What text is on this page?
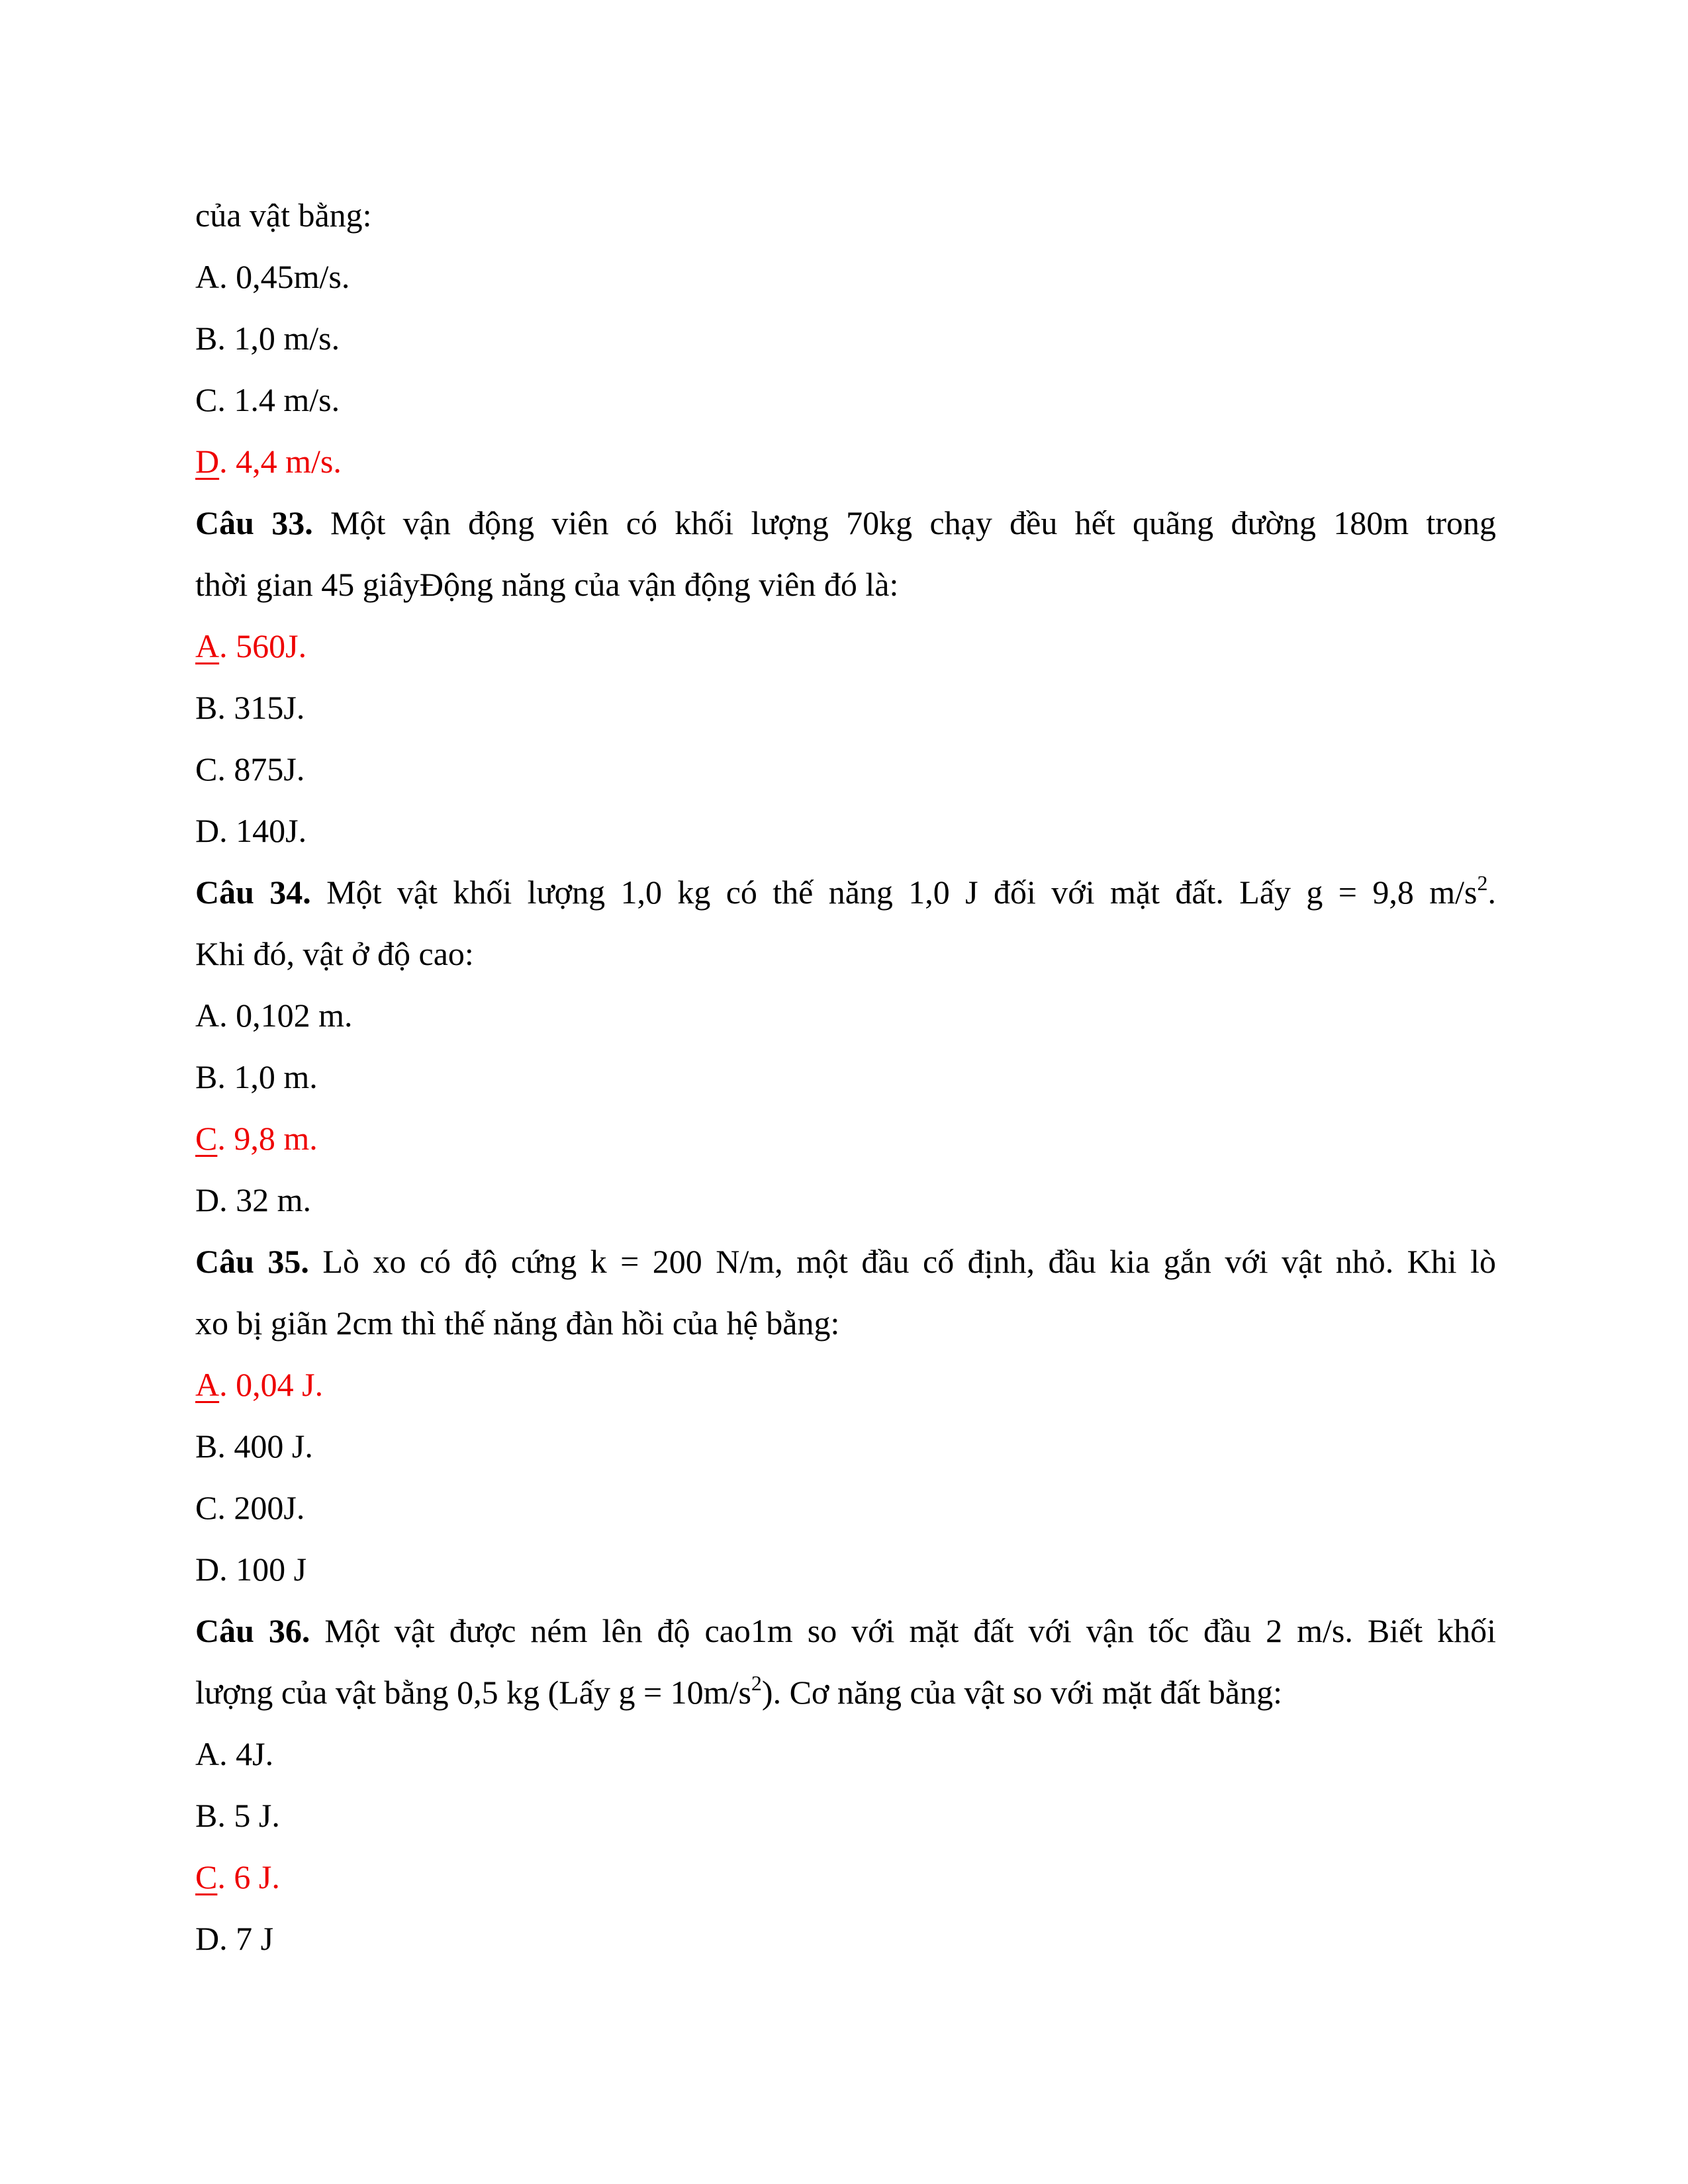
của vật bằng:
A. 0,45m/s.
B. 1,0 m/s.
C. 1.4 m/s.
D. 4,4 m/s.
Câu 33. Một vận động viên có khối lượng 70kg chạy đều hết quãng đường 180m trong
thời gian 45 giâyĐộng năng của vận động viên đó là:
A. 560J.
B. 315J.
C. 875J.
D. 140J.
Câu 34. Một vật khối lượng 1,0 kg có thế năng 1,0 J đối với mặt đất. Lấy g = 9,8 $m/s^2$.
Khi đó, vật ở độ cao:
A. 0,102 m.
B. 1,0 m.
C. 9,8 m.
D. 32 m.
Câu 35. Lò xo có độ cứng k = 200 N/m, một đầu cố định, đầu kia gắn với vật nhỏ. Khi lò
xo bị giãn 2cm thì thế năng đàn hồi của hệ bằng:
A. 0,04 J.
B. 400 J.
C. 200J.
D. 100 J
Câu 36. Một vật được ném lên độ cao1m so với mặt đất với vận tốc đầu 2 m/s. Biết khối
lượng của vật bằng 0,5 kg (Lấy $g = 10m/s^2$). Cơ năng của vật so với mặt đất bằng:
A. 4J.
B. 5 J.
C. 6 J.
D. 7 J
